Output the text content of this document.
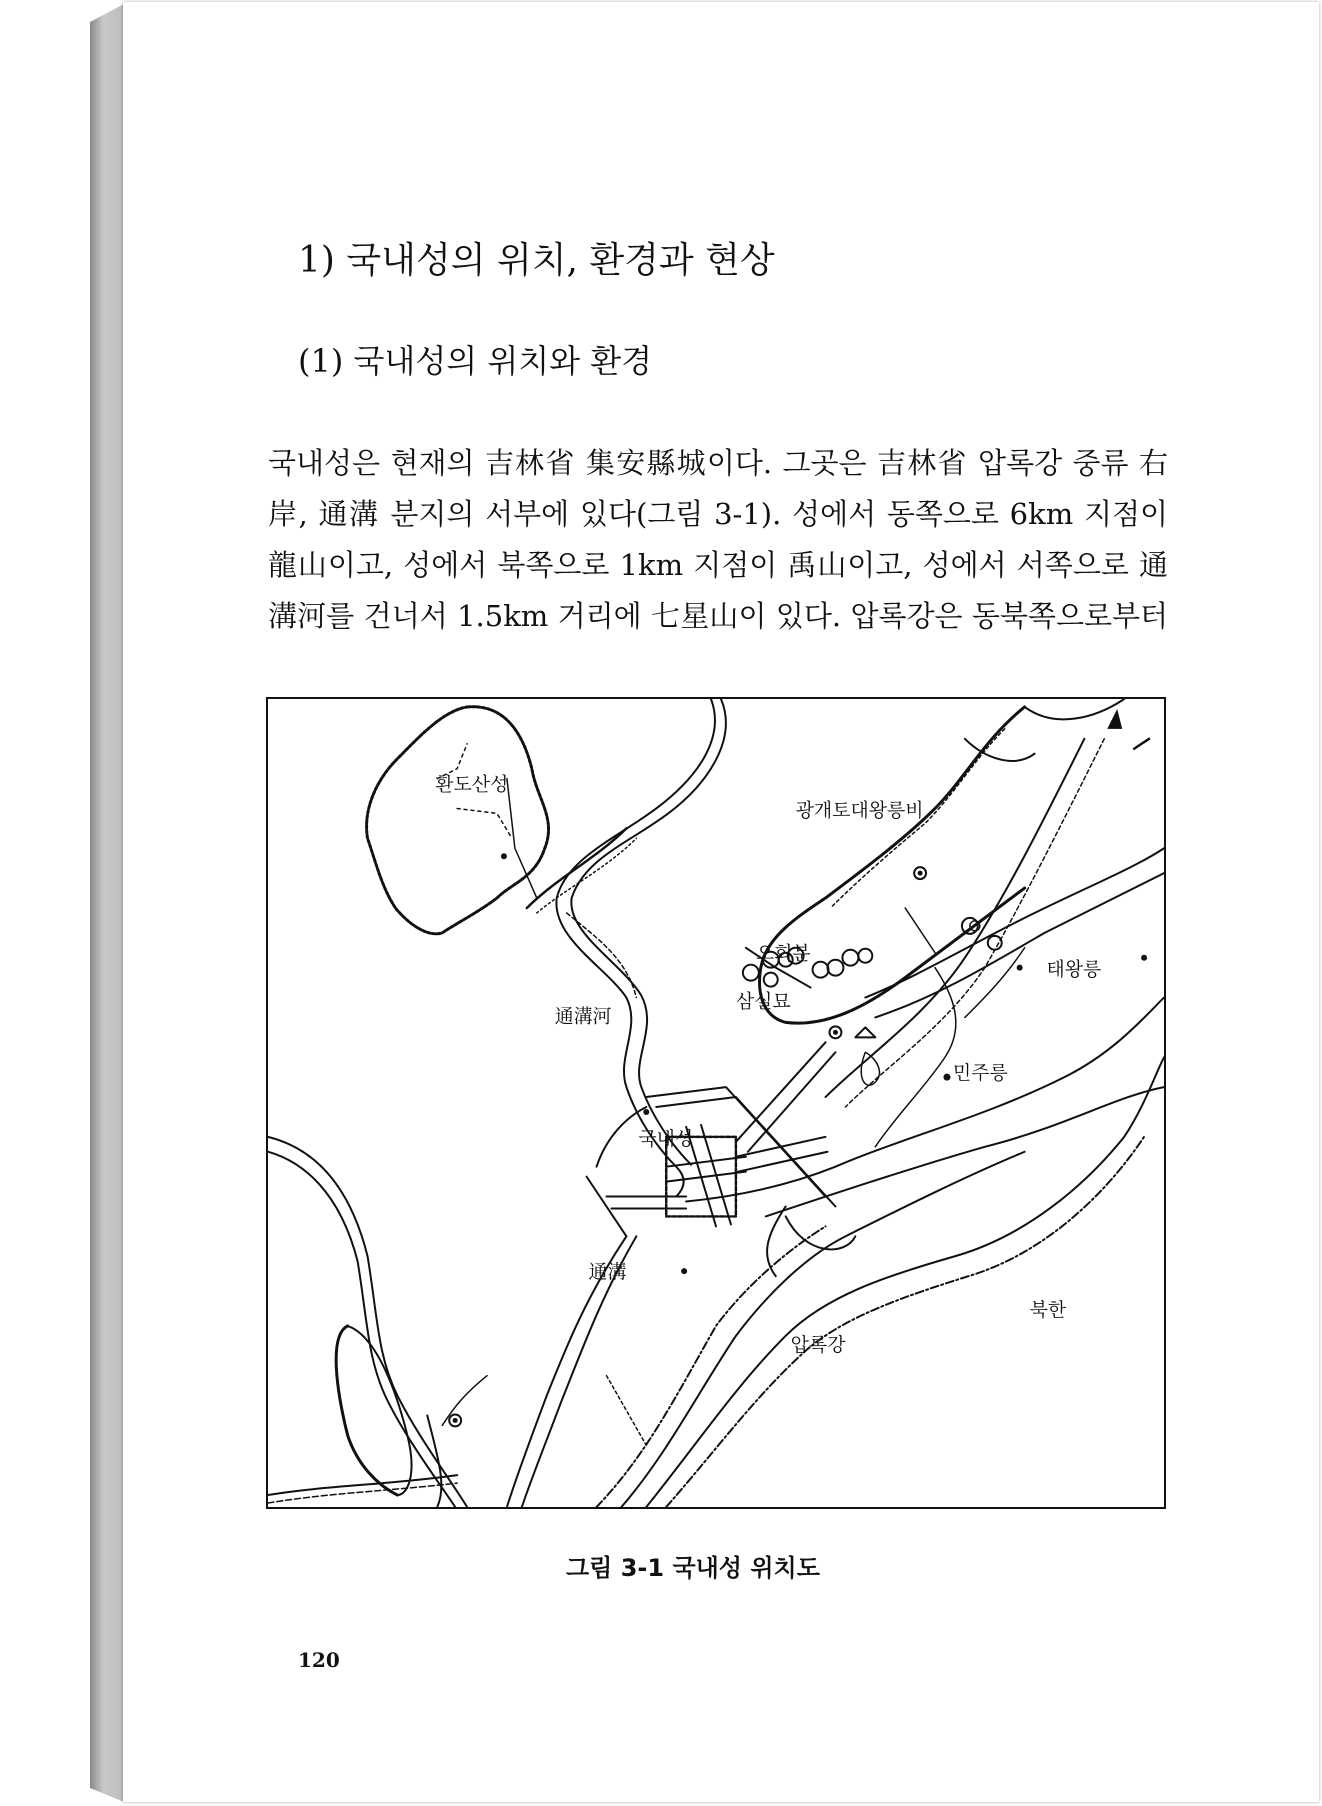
1) 국내성의 위치, 환경과 현상
(1) 국내성의 위치와 환경
국내성은 현재의 吉林省 集安縣城이다. 그곳은 吉林省 압록강 중류 右
岸, 通溝 분지의 서부에 있다(그림 3-1). 성에서 동쪽으로 6km 지점이
龍山이고, 성에서 북쪽으로 1km 지점이 禹山이고, 성에서 서쪽으로 通
溝河를 건너서 1.5km 거리에 七星山이 있다. 압록강은 동북쪽으로부터
환도산성
광개토대왕릉비
오회분
삼실묘
태왕릉
通溝河
민주릉
국내성
通溝
북한
압록강
그림 3-1 국내성 위치도
120
